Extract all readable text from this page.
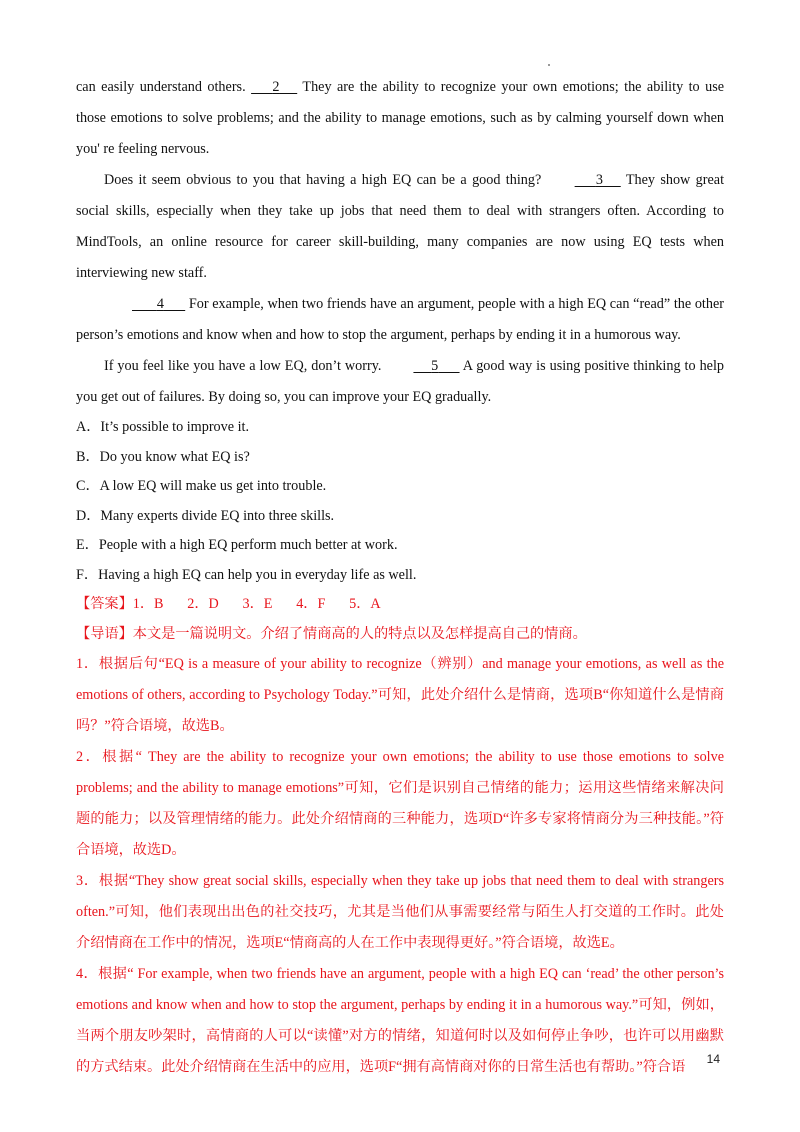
can easily understand others. 2 They are the ability to recognize your own emotions; the ability to use those emotions to solve problems; and the ability to manage emotions, such as by calming yourself down when you' re feeling nervous.

Does it seem obvious to you that having a high EQ can be a good thing?	3 They show great social skills, especially when they take up jobs that need them to deal with strangers often. According to MindTools, an online resource for career skill-building, many companies are now using EQ tests when interviewing new staff.

4 For example, when two friends have an argument, people with a high EQ can “read” the other person’s emotions and know when and how to stop the argument, perhaps by ending it in a humorous way.

If you feel like you have a low EQ, don’t worry.	5 A good way is using positive thinking to help you get out of failures. By doing so, you can improve your EQ gradually.

A．It’s possible to improve it.

B．Do you know what EQ is?

C．A low EQ will make us get into trouble.

D．Many experts divide EQ into three skills.

E．People with a high EQ perform much better at work.

F．Having a high EQ can help you in everyday life as well.

【答案】1．B　 2．D　 3．E　 4．F　 5．A

【导语】本文是一篇说明文。介绍了情商高的人的特点以及怎样提高自己的情商。

1．根据后句“EQ is a measure of your ability to recognize（辨别）and manage your emotions, as well as the emotions of others, according to Psychology Today.”可知，此处介绍什么是情商，选项B“你知道什么是情商吗？”符合语境，故选B。

2．根据“ They are the ability to recognize your own emotions; the ability to use those emotions to solve problems; and the ability to manage emotions”可知，它们是识别自己情绪的能力；运用这些情绪来解决问题的能力；以及管理情绪的能力。此处介绍情商的三种能力，选项D“许多专家将情商分为三种技能。”符合语境，故选D。

3．根据“They show great social skills, especially when they take up jobs that need them to deal with strangers often.”可知，他们表现出出色的社交技巧，尤其是当他们从事需要经常与陌生人打交道的工作时。此处介绍情商在工作中的情况，选项E“情商高的人在工作中表现得更好。”符合语境，故选E。

4．根据“ For example, when two friends have an argument, people with a high EQ can ‘read’ the other person’s emotions and know when and how to stop the argument, perhaps by ending it in a humorous way.”可知，例如，当两个朋友吵架时，高情商的人可以“读懂”对方的情绪，知道何时以及如何停止争吵，也许可以用幽默的方式结束。此处介绍情商在生活中的应用，选项F“拥有高情商对你的日常生活也有帮助。”符合语	14
